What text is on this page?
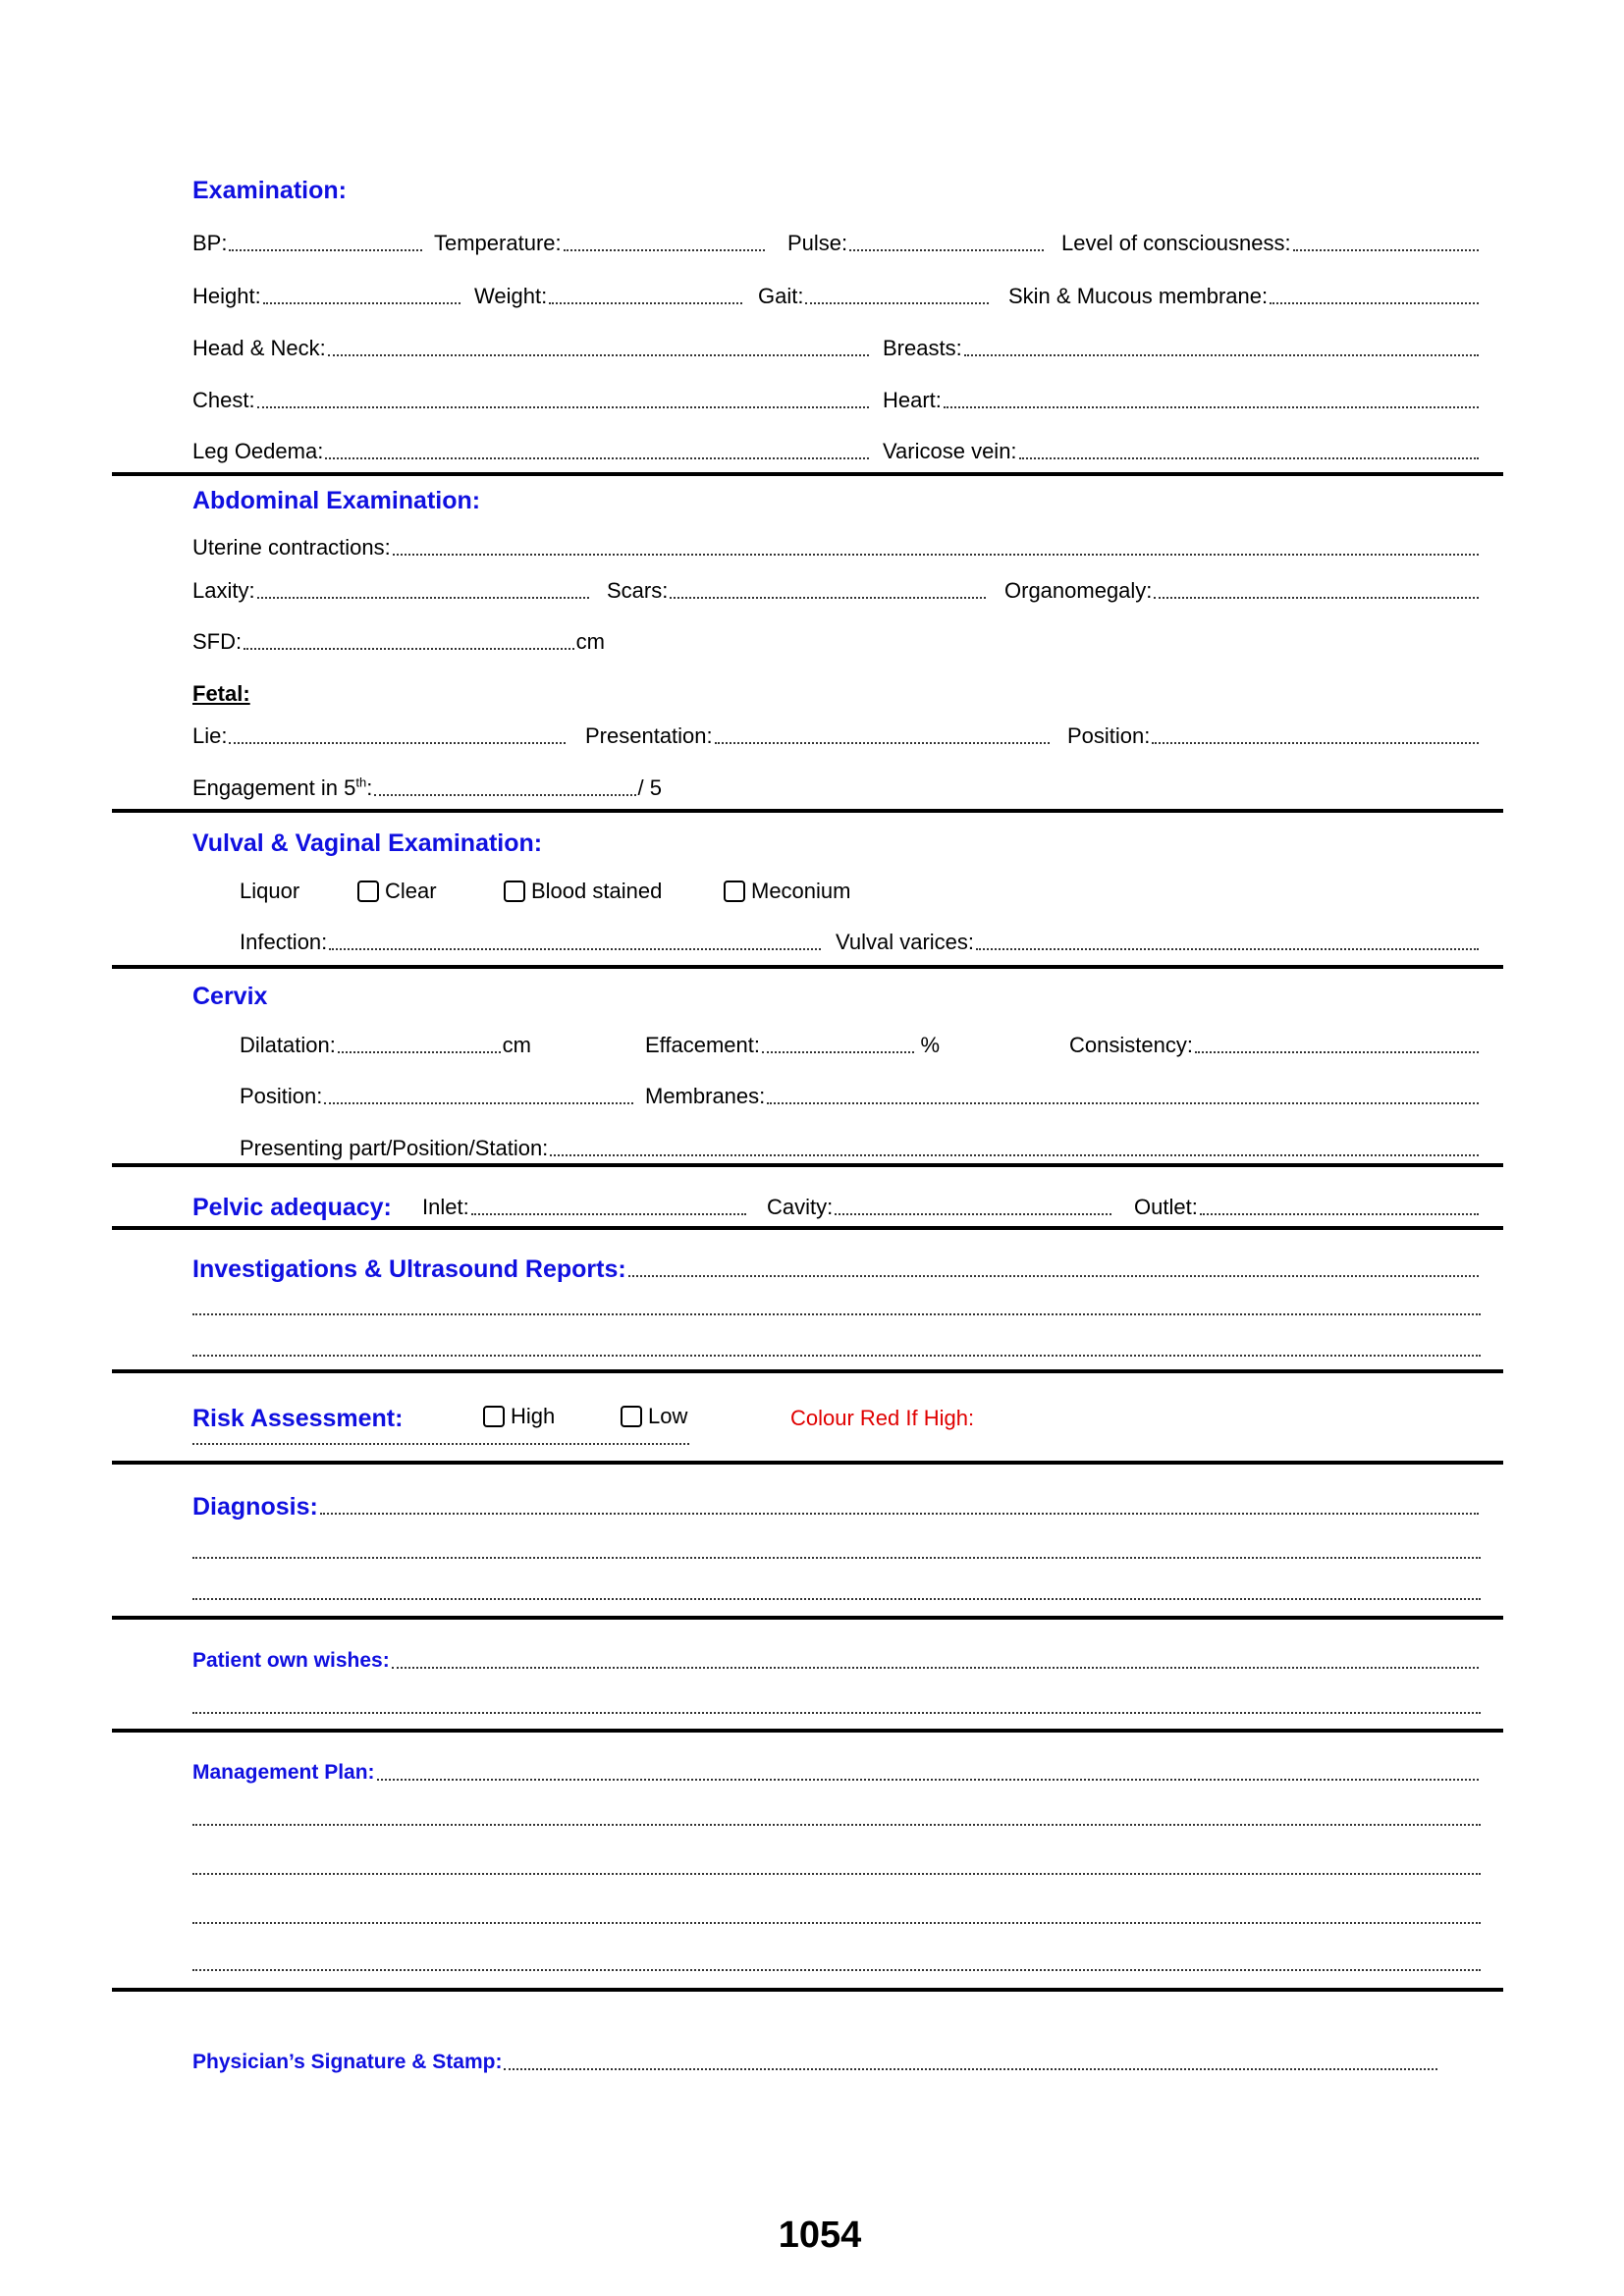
Examination:
BP:	Temperature:	Pulse:	Level of consciousness:
Height:	Weight:	Gait:	Skin & Mucous membrane:
Head & Neck:	Breasts:
Chest:	Heart:
Leg Oedema:	Varicose vein:
Abdominal Examination:
Uterine contractions:
Laxity:	Scars:	Organomegaly:
SFD:	cm
Fetal:
Lie:	Presentation:	Position:
Engagement in 5th:	/ 5
Vulval & Vaginal Examination:
Liquor	Clear	Blood stained	Meconium
Infection:	Vulval varices:
Cervix
Dilatation:	cm	Effacement:	%	Consistency:
Position:	Membranes:
Presenting part/Position/Station:
Pelvic adequacy: Inlet:	Cavity:	Outlet:
Investigations & Ultrasound Reports:
Risk Assessment:	High	Low	Colour Red If High:
Diagnosis:
Patient own wishes:
Management Plan:
Physician’s Signature & Stamp:
1054
